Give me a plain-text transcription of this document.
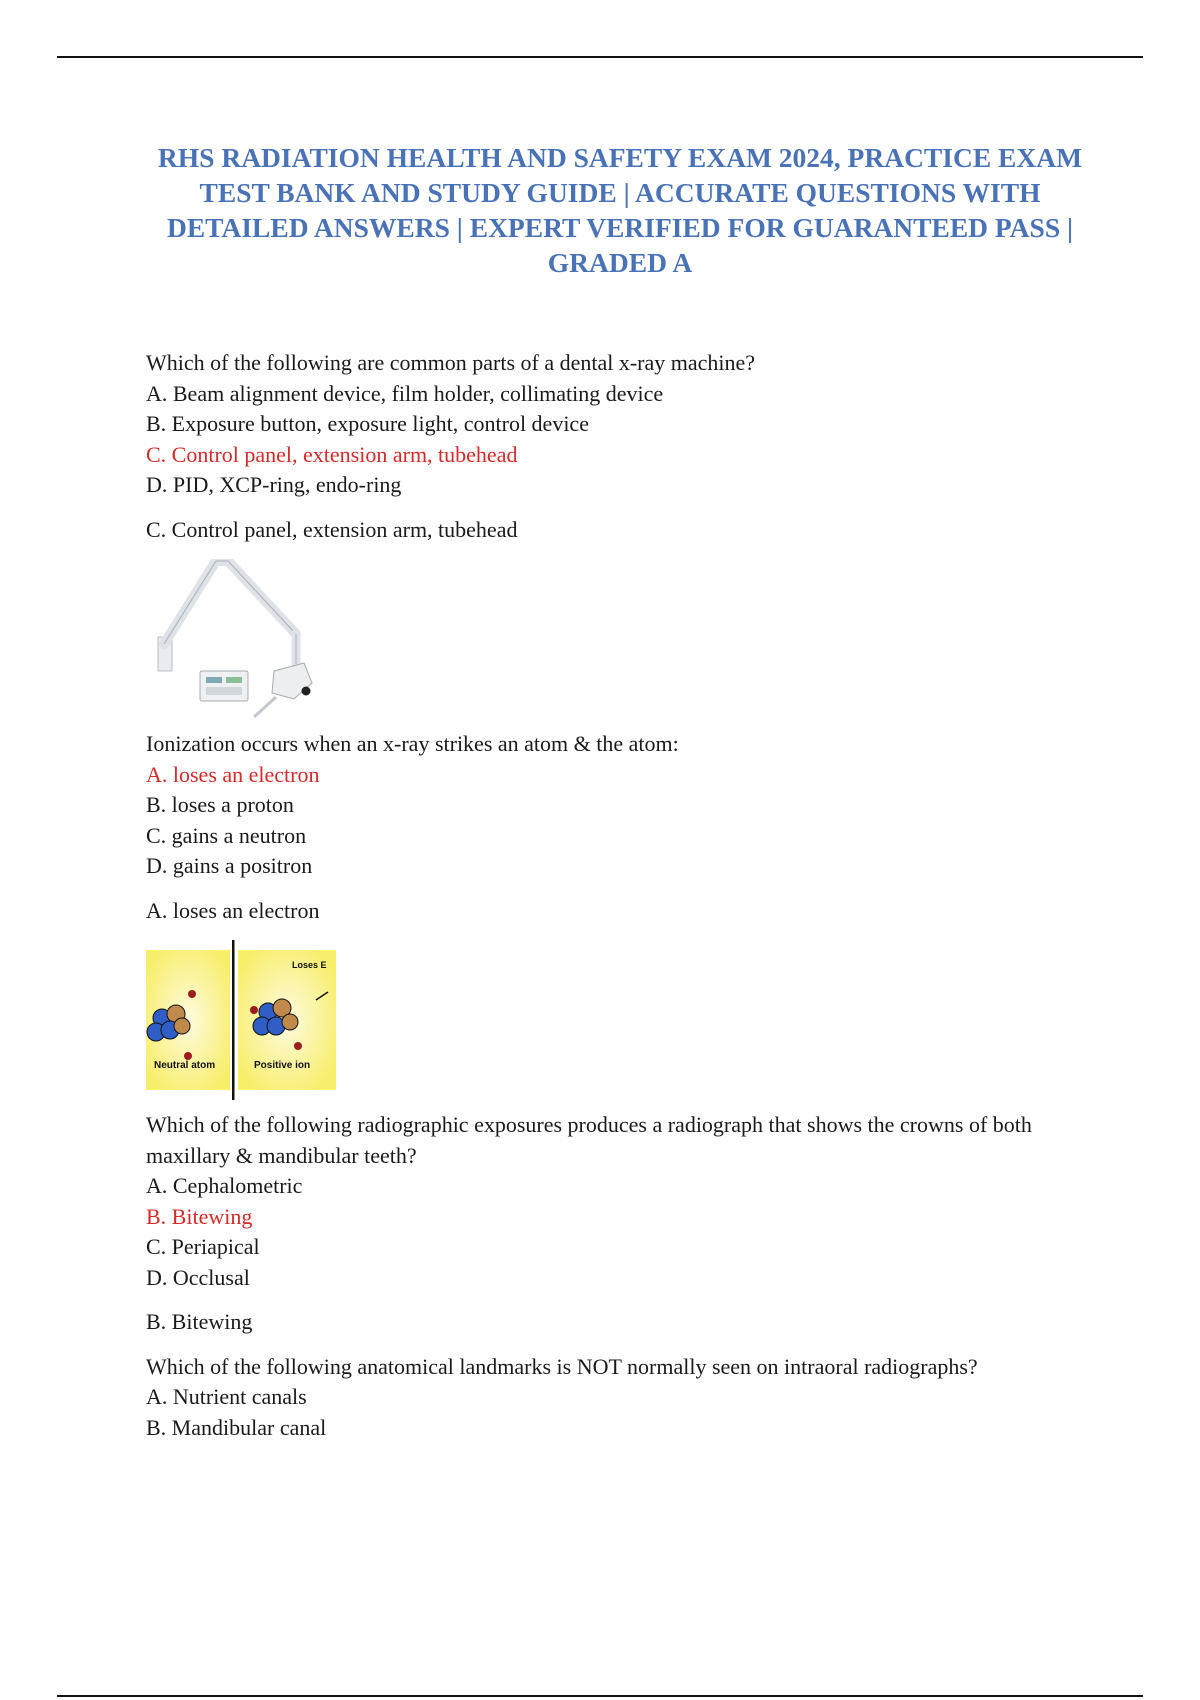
RHS RADIATION HEALTH AND SAFETY EXAM 2024, PRACTICE EXAM TEST BANK AND STUDY GUIDE | ACCURATE QUESTIONS WITH DETAILED ANSWERS | EXPERT VERIFIED FOR GUARANTEED PASS | GRADED A

Which of the following are common parts of a dental x-ray machine?

A. Beam alignment device, film holder, collimating device

B. Exposure button, exposure light, control device

C. Control panel, extension arm, tubehead

D. PID, XCP-ring, endo-ring

C. Control panel, extension arm, tubehead

Ionization occurs when an x-ray strikes an atom & the atom:

A. loses an electron

B. loses a proton

C. gains a neutron

D. gains a positron

A. loses an electron

Neutral atom
Loses E
Positive ion

Which of the following radiographic exposures produces a radiograph that shows the crowns of both maxillary & mandibular teeth?

A. Cephalometric

B. Bitewing

C. Periapical

D. Occlusal

B. Bitewing

Which of the following anatomical landmarks is NOT normally seen on intraoral radiographs?

A. Nutrient canals

B. Mandibular canal
